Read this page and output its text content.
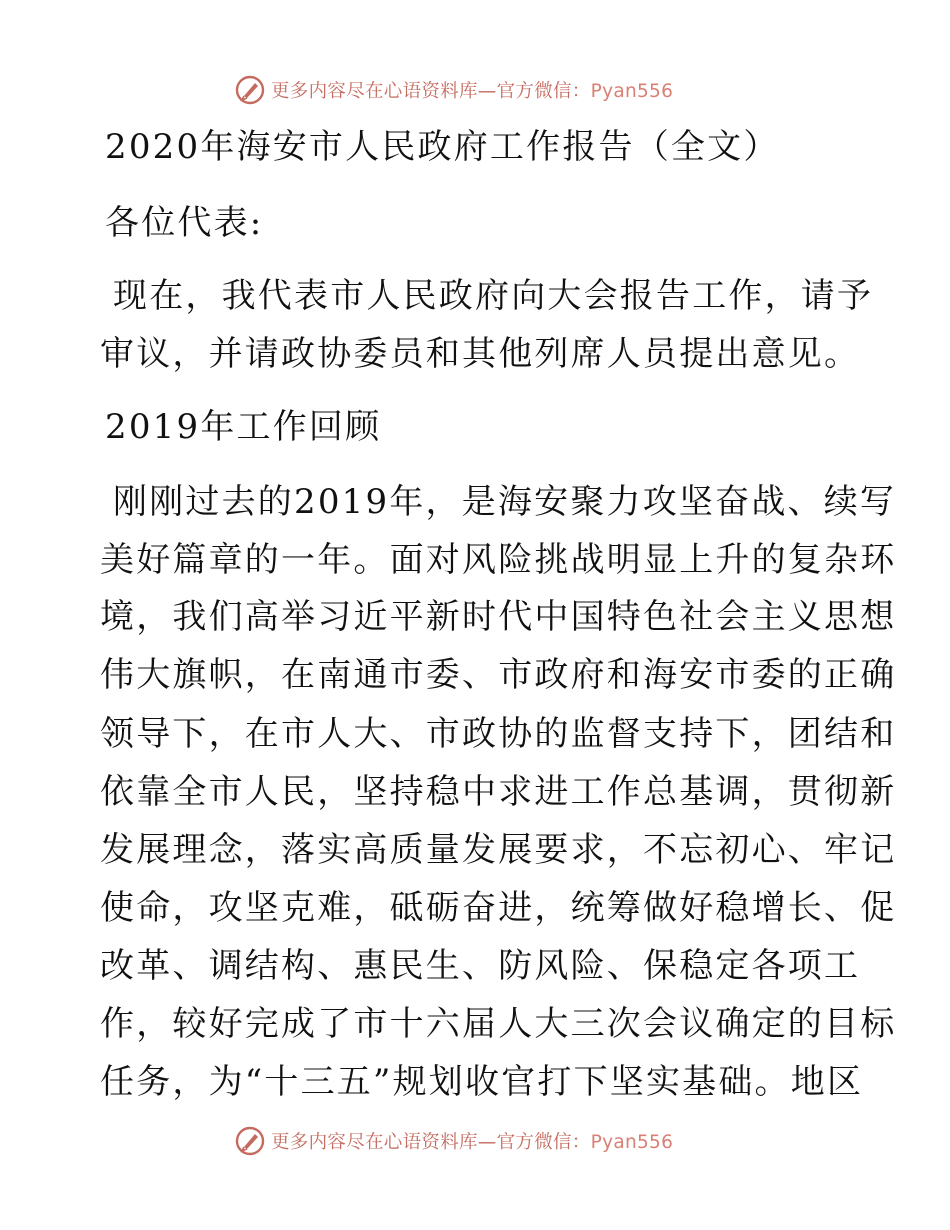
更多内容尽在心语资料库—官方微信：Pyan556
2020年海安市人民政府工作报告（全文）
各位代表:
现在，我代表市人民政府向大会报告工作，请予
审议，并请政协委员和其他列席人员提出意见。
2019年工作回顾
刚刚过去的2019年，是海安聚力攻坚奋战、续写
美好篇章的一年。面对风险挑战明显上升的复杂环
境，我们高举习近平新时代中国特色社会主义思想
伟大旗帜，在南通市委、市政府和海安市委的正确
领导下，在市人大、市政协的监督支持下，团结和
依靠全市人民，坚持稳中求进工作总基调，贯彻新
发展理念，落实高质量发展要求，不忘初心、牢记
使命，攻坚克难，砥砺奋进，统筹做好稳增长、促
改革、调结构、惠民生、防风险、保稳定各项工
作，较好完成了市十六届人大三次会议确定的目标
任务，为“十三五”规划收官打下坚实基础。地区
更多内容尽在心语资料库—官方微信：Pyan556
